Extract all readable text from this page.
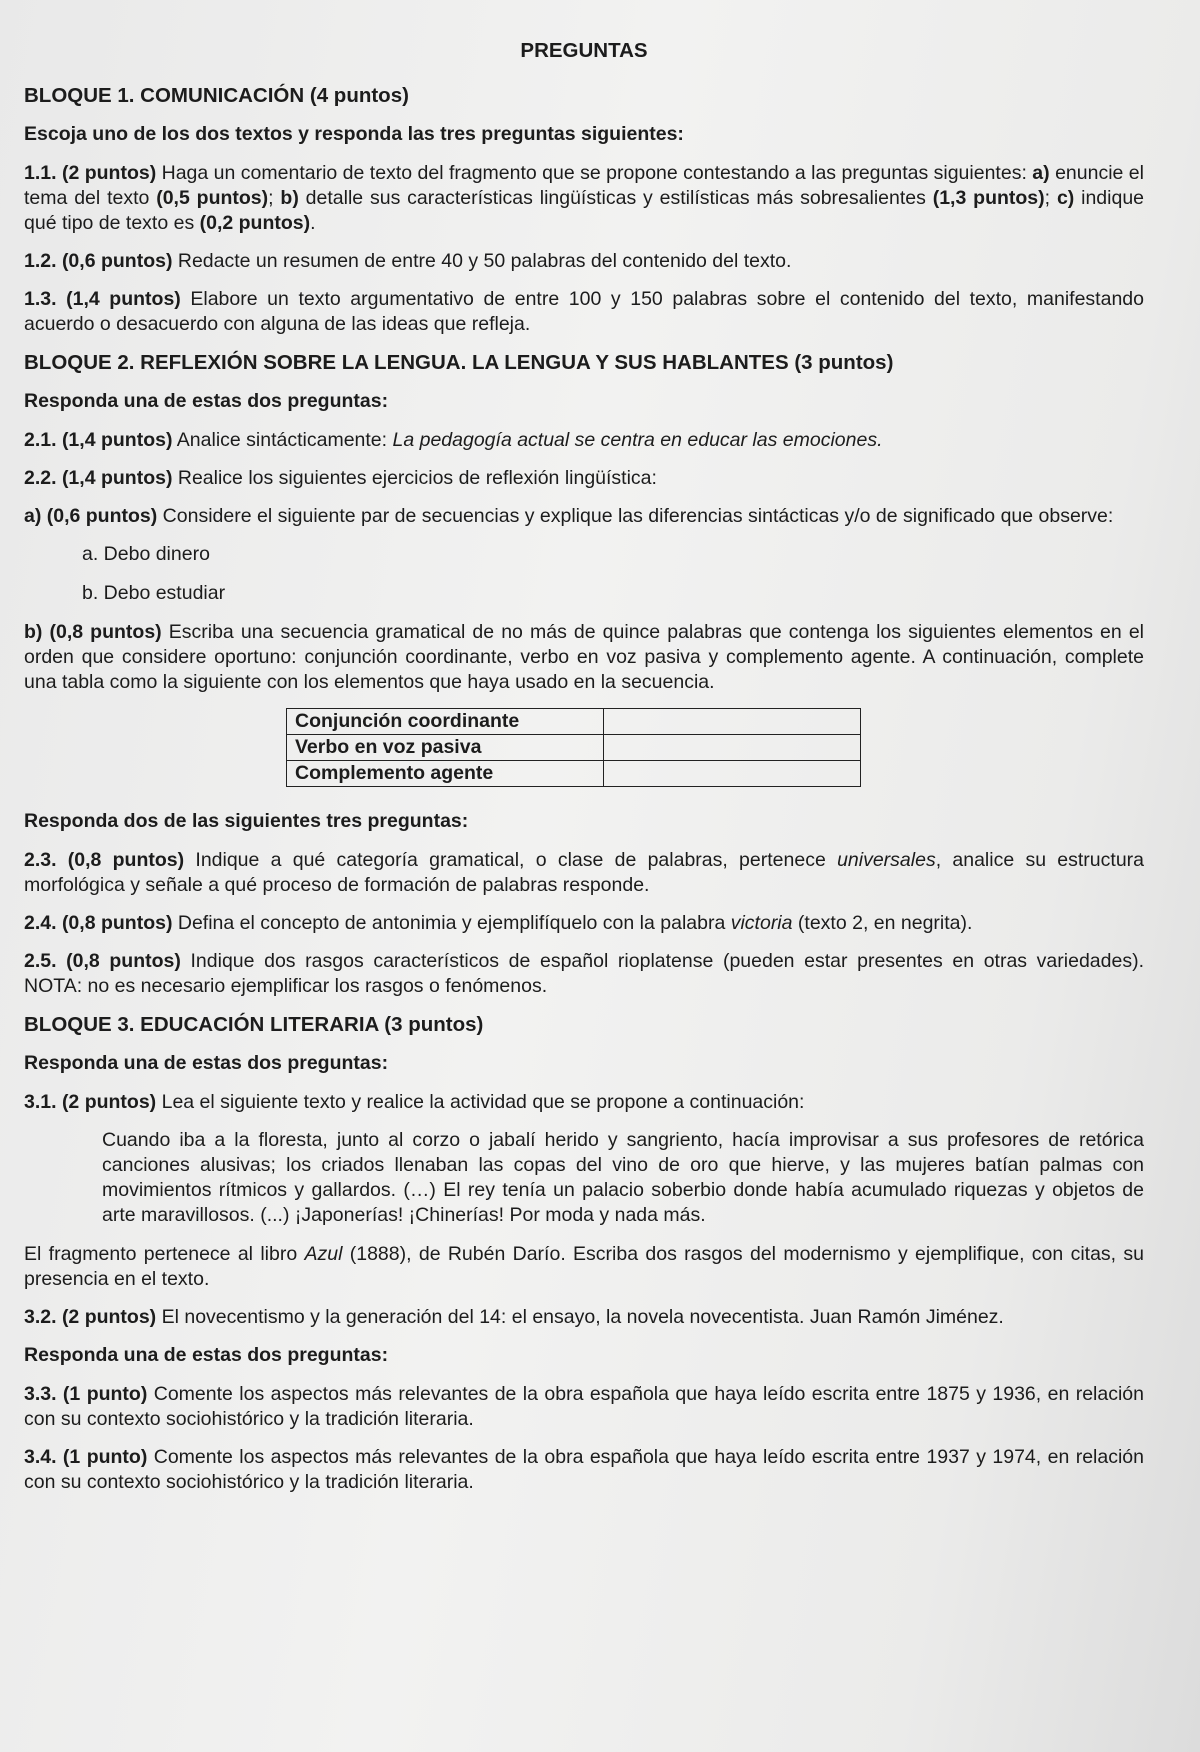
PREGUNTAS
BLOQUE 1. COMUNICACIÓN (4 puntos)
Escoja uno de los dos textos y responda las tres preguntas siguientes:
1.1. (2 puntos) Haga un comentario de texto del fragmento que se propone contestando a las preguntas siguientes: a) enuncie el tema del texto (0,5 puntos); b) detalle sus características lingüísticas y estilísticas más sobresalientes (1,3 puntos); c) indique qué tipo de texto es (0,2 puntos).
1.2. (0,6 puntos) Redacte un resumen de entre 40 y 50 palabras del contenido del texto.
1.3. (1,4 puntos) Elabore un texto argumentativo de entre 100 y 150 palabras sobre el contenido del texto, manifestando acuerdo o desacuerdo con alguna de las ideas que refleja.
BLOQUE 2. REFLEXIÓN SOBRE LA LENGUA. LA LENGUA Y SUS HABLANTES (3 puntos)
Responda una de estas dos preguntas:
2.1. (1,4 puntos) Analice sintácticamente: La pedagogía actual se centra en educar las emociones.
2.2. (1,4 puntos) Realice los siguientes ejercicios de reflexión lingüística:
a) (0,6 puntos) Considere el siguiente par de secuencias y explique las diferencias sintácticas y/o de significado que observe:
a. Debo dinero
b. Debo estudiar
b) (0,8 puntos) Escriba una secuencia gramatical de no más de quince palabras que contenga los siguientes elementos en el orden que considere oportuno: conjunción coordinante, verbo en voz pasiva y complemento agente. A continuación, complete una tabla como la siguiente con los elementos que haya usado en la secuencia.
Conjunción coordinante	
Verbo en voz pasiva	
Complemento agente	
Responda dos de las siguientes tres preguntas:
2.3. (0,8 puntos) Indique a qué categoría gramatical, o clase de palabras, pertenece universales, analice su estructura morfológica y señale a qué proceso de formación de palabras responde.
2.4. (0,8 puntos) Defina el concepto de antonimia y ejemplifíquelo con la palabra victoria (texto 2, en negrita).
2.5. (0,8 puntos) Indique dos rasgos característicos de español rioplatense (pueden estar presentes en otras variedades). NOTA: no es necesario ejemplificar los rasgos o fenómenos.
BLOQUE 3. EDUCACIÓN LITERARIA (3 puntos)
Responda una de estas dos preguntas:
3.1. (2 puntos) Lea el siguiente texto y realice la actividad que se propone a continuación:
Cuando iba a la floresta, junto al corzo o jabalí herido y sangriento, hacía improvisar a sus profesores de retórica canciones alusivas; los criados llenaban las copas del vino de oro que hierve, y las mujeres batían palmas con movimientos rítmicos y gallardos. (…) El rey tenía un palacio soberbio donde había acumulado riquezas y objetos de arte maravillosos. (...) ¡Japonerías! ¡Chinerías! Por moda y nada más.
El fragmento pertenece al libro Azul (1888), de Rubén Darío. Escriba dos rasgos del modernismo y ejemplifique, con citas, su presencia en el texto.
3.2. (2 puntos) El novecentismo y la generación del 14: el ensayo, la novela novecentista. Juan Ramón Jiménez.
Responda una de estas dos preguntas:
3.3. (1 punto) Comente los aspectos más relevantes de la obra española que haya leído escrita entre 1875 y 1936, en relación con su contexto sociohistórico y la tradición literaria.
3.4. (1 punto) Comente los aspectos más relevantes de la obra española que haya leído escrita entre 1937 y 1974, en relación con su contexto sociohistórico y la tradición literaria.
